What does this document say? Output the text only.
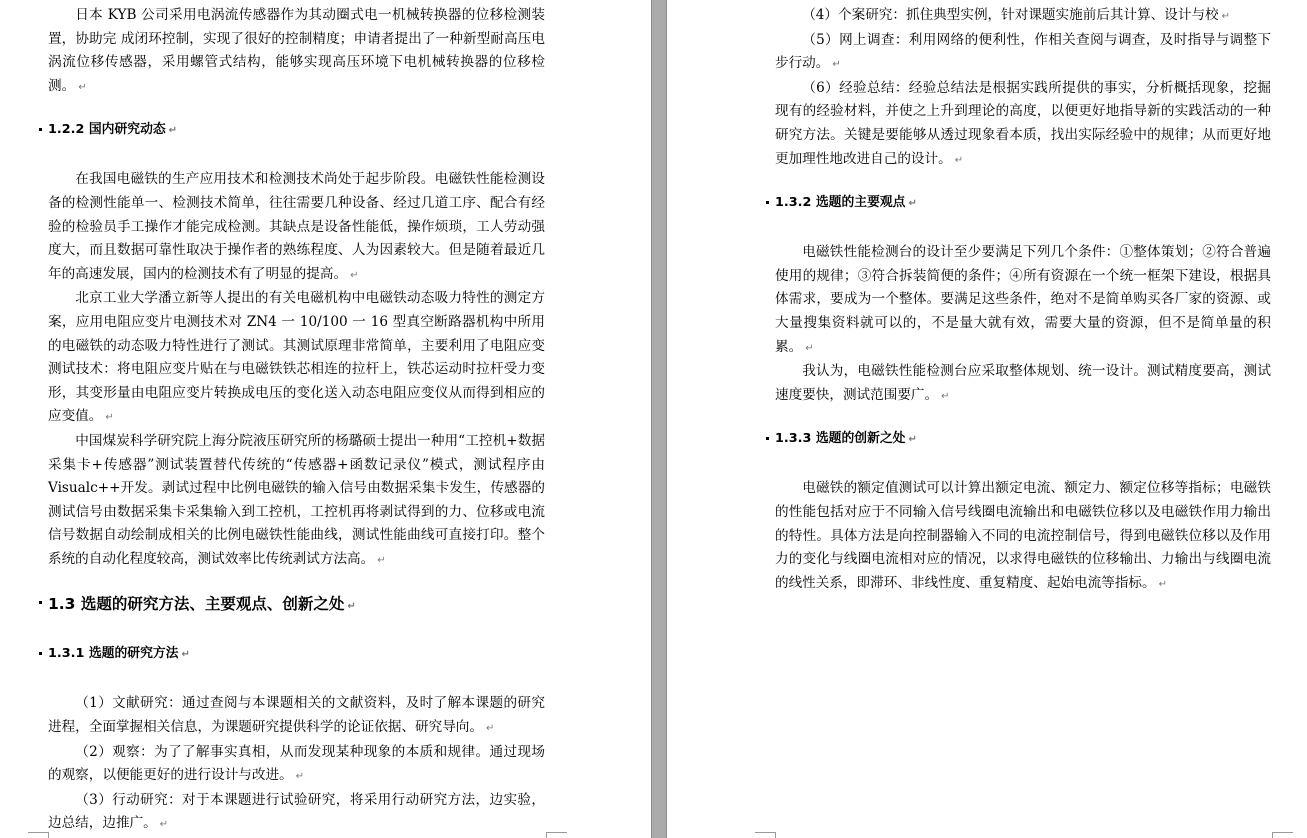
日本 KYB 公司采用电涡流传感器作为其动圈式电一机械转换器的位移检测装置，协助完 成闭环控制，实现了很好的控制精度；申请者提出了一种新型耐高压电涡流位移传感器，采用螺管式结构，能够实现高压环境下电机械转换器的位移检测。 ↵

1.2.2 国内研究动态 ↵

在我国电磁铁的生产应用技术和检测技术尚处于起步阶段。电磁铁性能检测设备的检测性能单一、检测技术简单，往往需要几种设备、经过几道工序、配合有经验的检验员手工操作才能完成检测。其缺点是设备性能低，操作烦琐，工人劳动强度大，而且数据可靠性取决于操作者的熟练程度、人为因素较大。但是随着最近几年的高速发展，国内的检测技术有了明显的提高。 ↵

北京工业大学潘立新等人提出的有关电磁机构中电磁铁动态吸力特性的测定方案，应用电阻应变片电测技术对 ZN4 一 10/100 一 16 型真空断路器机构中所用的电磁铁的动态吸力特性进行了测试。其测试原理非常简单，主要利用了电阻应变测试技术：将电阻应变片贴在与电磁铁铁芯相连的拉杆上，铁芯运动时拉杆受力变形，其变形量由电阻应变片转换成电压的变化送入动态电阻应变仪从而得到相应的应变值。 ↵

中国煤炭科学研究院上海分院液压研究所的杨璐硕士提出一种用“工控机+数据采集卡+传感器”测试装置替代传统的“传感器+函数记录仪”模式，测试程序由 Visualc++开发。剥试过程中比例电磁铁的输入信号由数据采集卡发生，传感器的测试信号由数据采集卡采集输入到工控机，工控机再将剥试得到的力、位移或电流信号数据自动绘制成相关的比例电磁铁性能曲线，测试性能曲线可直接打印。整个系统的自动化程度较高，测试效率比传统剥试方法高。 ↵

1.3 选题的研究方法、主要观点、创新之处 ↵
1.3.1 选题的研究方法 ↵

（1）文献研究：通过查阅与本课题相关的文献资料，及时了解本课题的研究进程，全面掌握相关信息，为课题研究提供科学的论证依据、研究导向。 ↵

（2）观察：为了了解事实真相，从而发现某种现象的本质和规律。通过现场的观察，以便能更好的进行设计与改进。 ↵

（3）行动研究：对于本课题进行试验研究，将采用行动研究方法，边实验，边总结，边推广。 ↵

（4）个案研究：抓住典型实例，针对课题实施前后其计算、设计与校 ↵

（5）网上调查：利用网络的便利性，作相关查阅与调查，及时指导与调整下步行动。 ↵

（6）经验总结：经验总结法是根据实践所提供的事实，分析概括现象，挖掘现有的经验材料，并使之上升到理论的高度，以便更好地指导新的实践活动的一种研究方法。关键是要能够从透过现象看本质，找出实际经验中的规律；从而更好地更加理性地改进自己的设计。 ↵

1.3.2 选题的主要观点 ↵

电磁铁性能检测台的设计至少要满足下列几个条件：①整体策划；②符合普遍使用的规律；③符合拆装简便的条件；④所有资源在一个统一框架下建设，根据具体需求，要成为一个整体。要满足这些条件，绝对不是简单购买各厂家的资源、或大量搜集资料就可以的，不是量大就有效，需要大量的资源，但不是简单量的积累。 ↵

我认为，电磁铁性能检测台应采取整体规划、统一设计。测试精度要高，测试速度要快，测试范围要广。 ↵

1.3.3 选题的创新之处 ↵

电磁铁的额定值测试可以计算出额定电流、额定力、额定位移等指标；电磁铁的性能包括对应于不同输入信号线圈电流输出和电磁铁位移以及电磁铁作用力输出的特性。具体方法是向控制器输入不同的电流控制信号，得到电磁铁位移以及作用力的变化与线圈电流相对应的情况，以求得电磁铁的位移输出、力输出与线圈电流的线性关系，即滞环、非线性度、重复精度、起始电流等指标。 ↵
